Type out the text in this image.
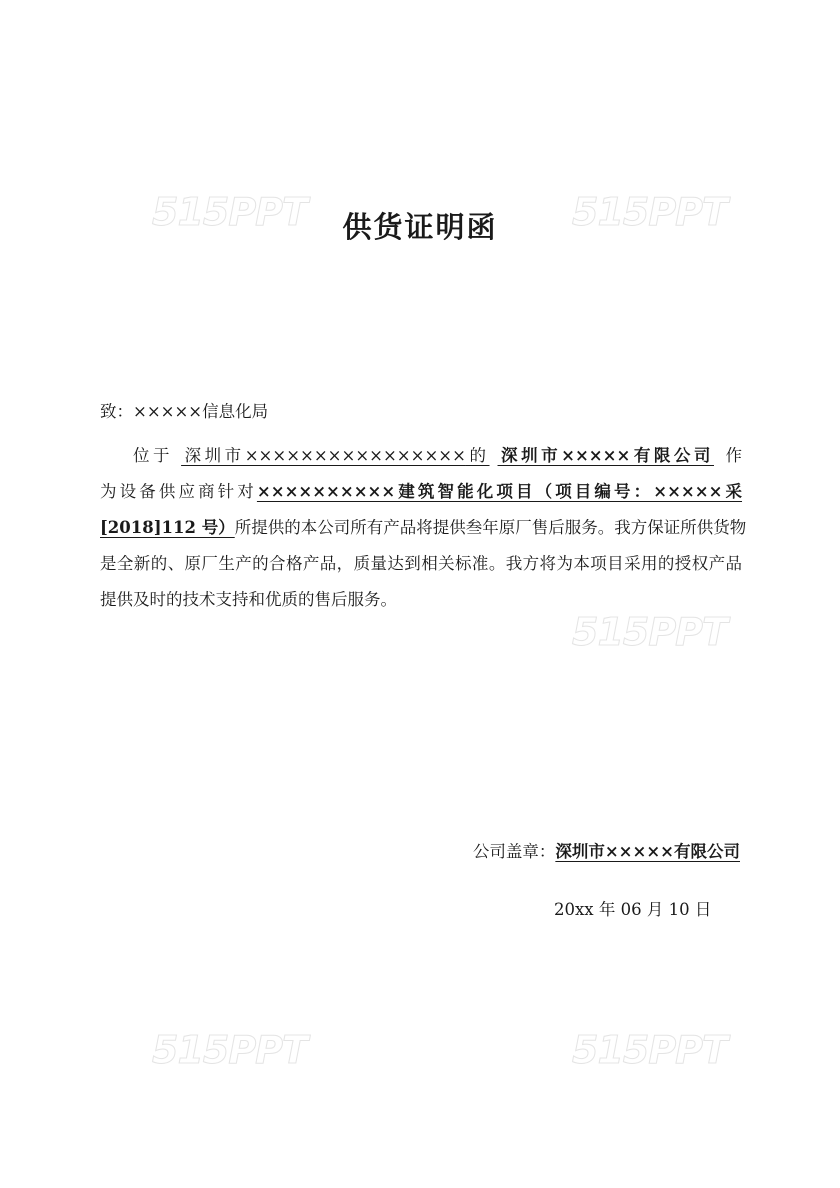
515PPT	515PPT
515PPT
515PPT	515PPT
供货证明函
致：×××××信息化局
位于 深圳市××××××××××××××××的 深圳市×××××有限公司 作
为设备供应商针对××××××××××建筑智能化项目（项目编号：×××××采
[2018]112 号）所提供的本公司所有产品将提供叁年原厂售后服务。我方保证所供货物
是全新的、原厂生产的合格产品，质量达到相关标准。我方将为本项目采用的授权产品
提供及时的技术支持和优质的售后服务。
公司盖章：深圳市×××××有限公司
20xx 年 06 月 10 日
